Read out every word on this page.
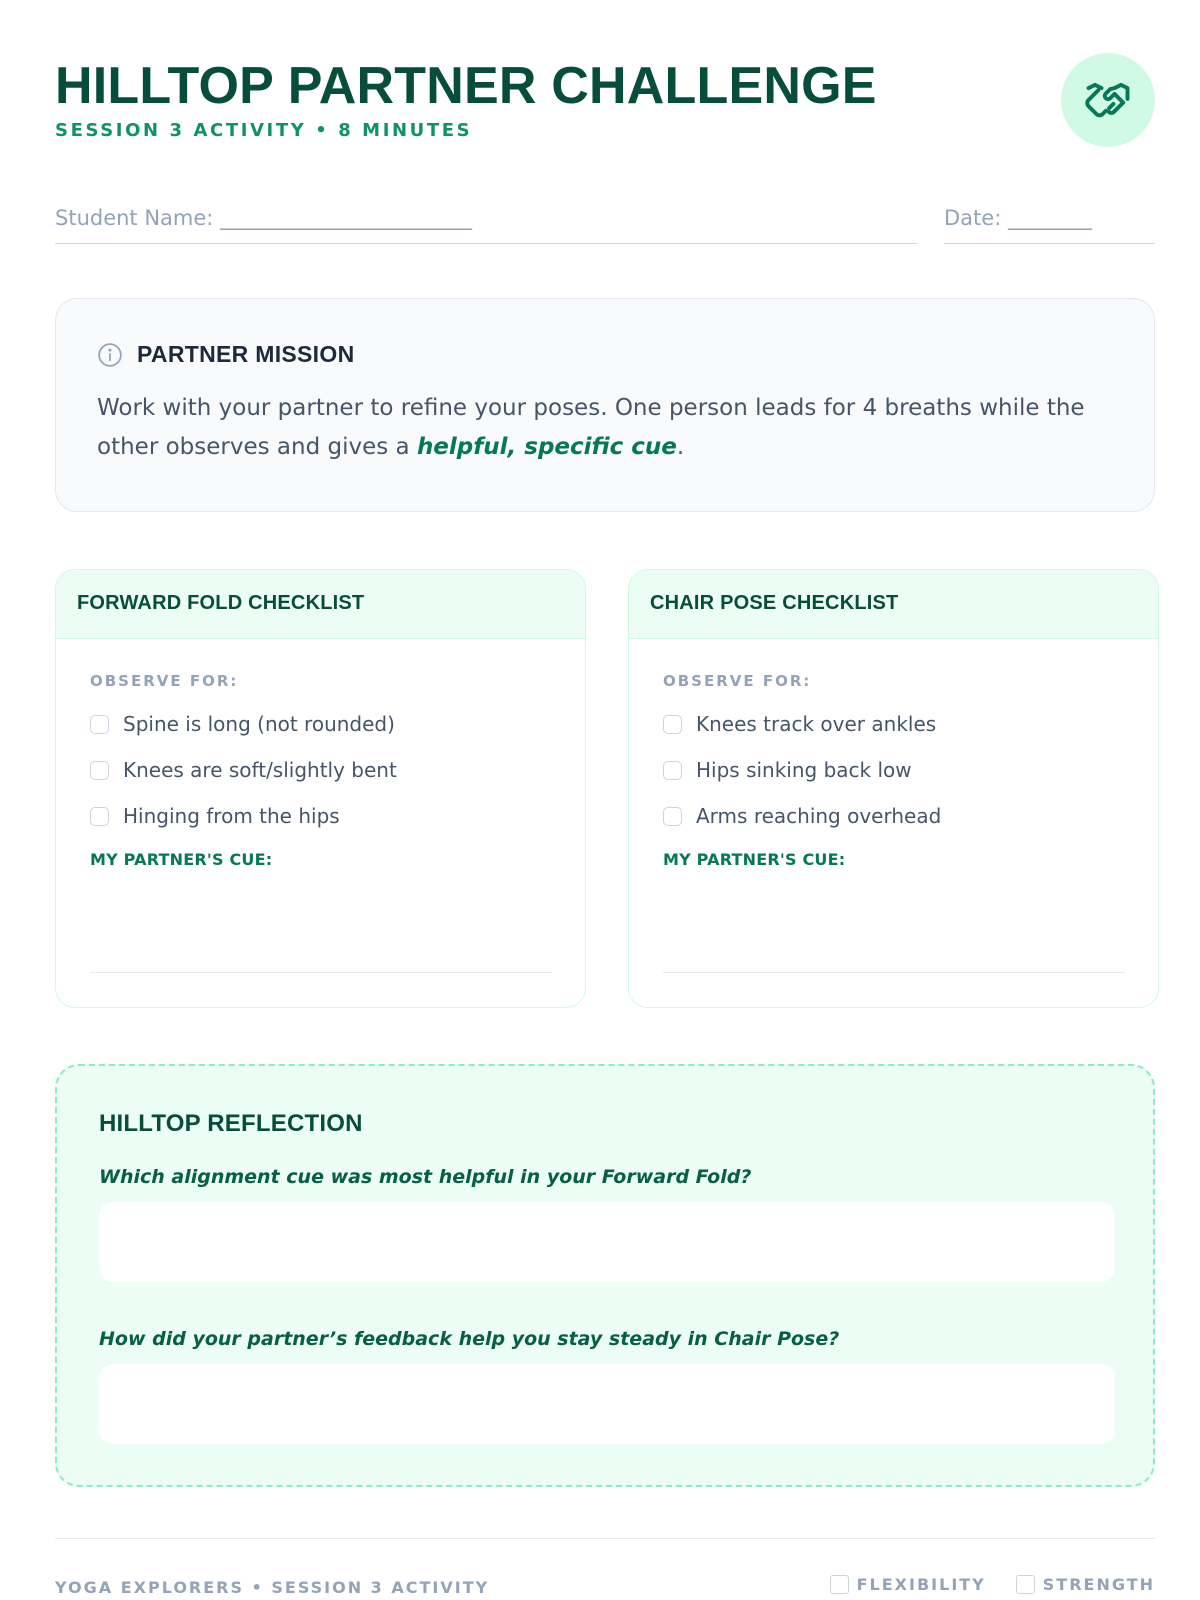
HILLTOP PARTNER CHALLENGE
SESSION 3 ACTIVITY • 8 MINUTES
Student Name: ________________________	Date: ________
PARTNER MISSION
Work with your partner to refine your poses. One person leads for 4 breaths while the other observes and gives a helpful, specific cue.
FORWARD FOLD CHECKLIST
OBSERVE FOR:
Spine is long (not rounded)
Knees are soft/slightly bent
Hinging from the hips
MY PARTNER'S CUE:
CHAIR POSE CHECKLIST
OBSERVE FOR:
Knees track over ankles
Hips sinking back low
Arms reaching overhead
MY PARTNER'S CUE:
HILLTOP REFLECTION
Which alignment cue was most helpful in your Forward Fold?
How did your partner’s feedback help you stay steady in Chair Pose?
YOGA EXPLORERS • SESSION 3 ACTIVITY	FLEXIBILITY	STRENGTH
